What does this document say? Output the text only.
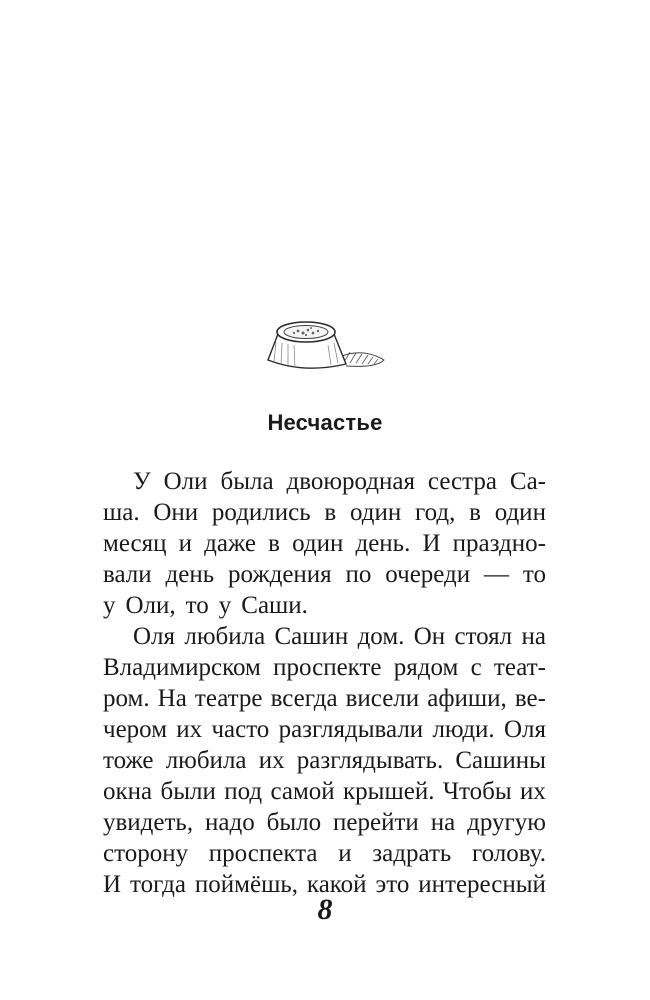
Несчастье
У Оли была двоюродная сестра Са-
ша. Они родились в один год, в один
месяц и даже в один день. И праздно-
вали день рождения по очереди — то
у Оли, то у Саши.
Оля любила Сашин дом. Он стоял на
Владимирском проспекте рядом с теат-
ром. На театре всегда висели афиши, ве-
чером их часто разглядывали люди. Оля
тоже любила их разглядывать. Сашины
окна были под самой крышей. Чтобы их
увидеть, надо было перейти на другую
сторону проспекта и задрать голову.
И тогда поймёшь, какой это интересный
8
